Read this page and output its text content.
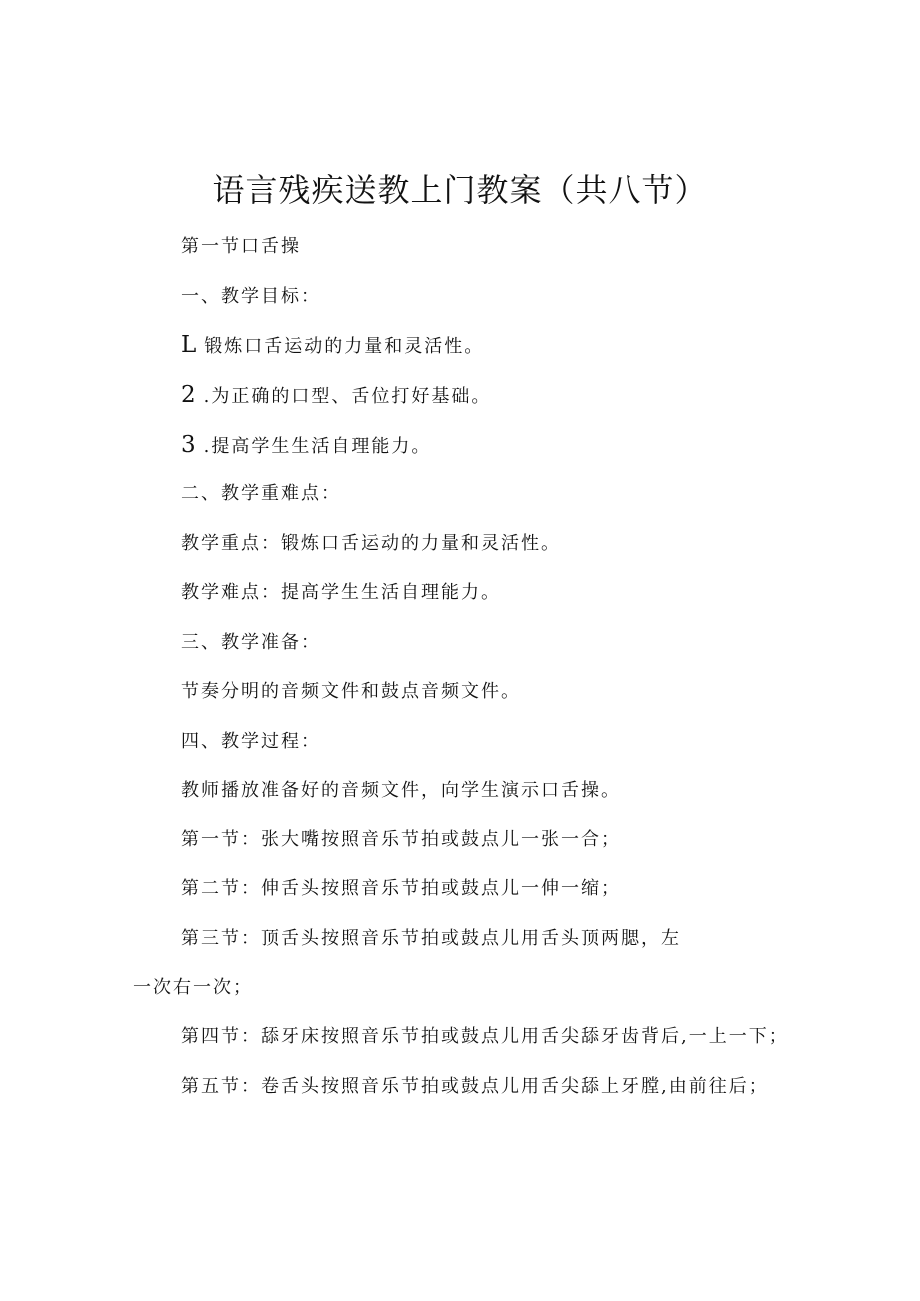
语言残疾送教上门教案（共八节）
第一节口舌操
一、教学目标：
L 锻炼口舌运动的力量和灵活性。
2 .为正确的口型、舌位打好基础。
3 .提高学生生活自理能力。
二、教学重难点：
教学重点：锻炼口舌运动的力量和灵活性。
教学难点：提高学生生活自理能力。
三、教学准备：
节奏分明的音频文件和鼓点音频文件。
四、教学过程：
教师播放准备好的音频文件，向学生演示口舌操。
第一节：张大嘴按照音乐节拍或鼓点儿一张一合；
第二节：伸舌头按照音乐节拍或鼓点儿一伸一缩；
第三节：顶舌头按照音乐节拍或鼓点儿用舌头顶两腮，左
一次右一次；
第四节：舔牙床按照音乐节拍或鼓点儿用舌尖舔牙齿背后,一上一下；
第五节：卷舌头按照音乐节拍或鼓点儿用舌尖舔上牙膛,由前往后；
